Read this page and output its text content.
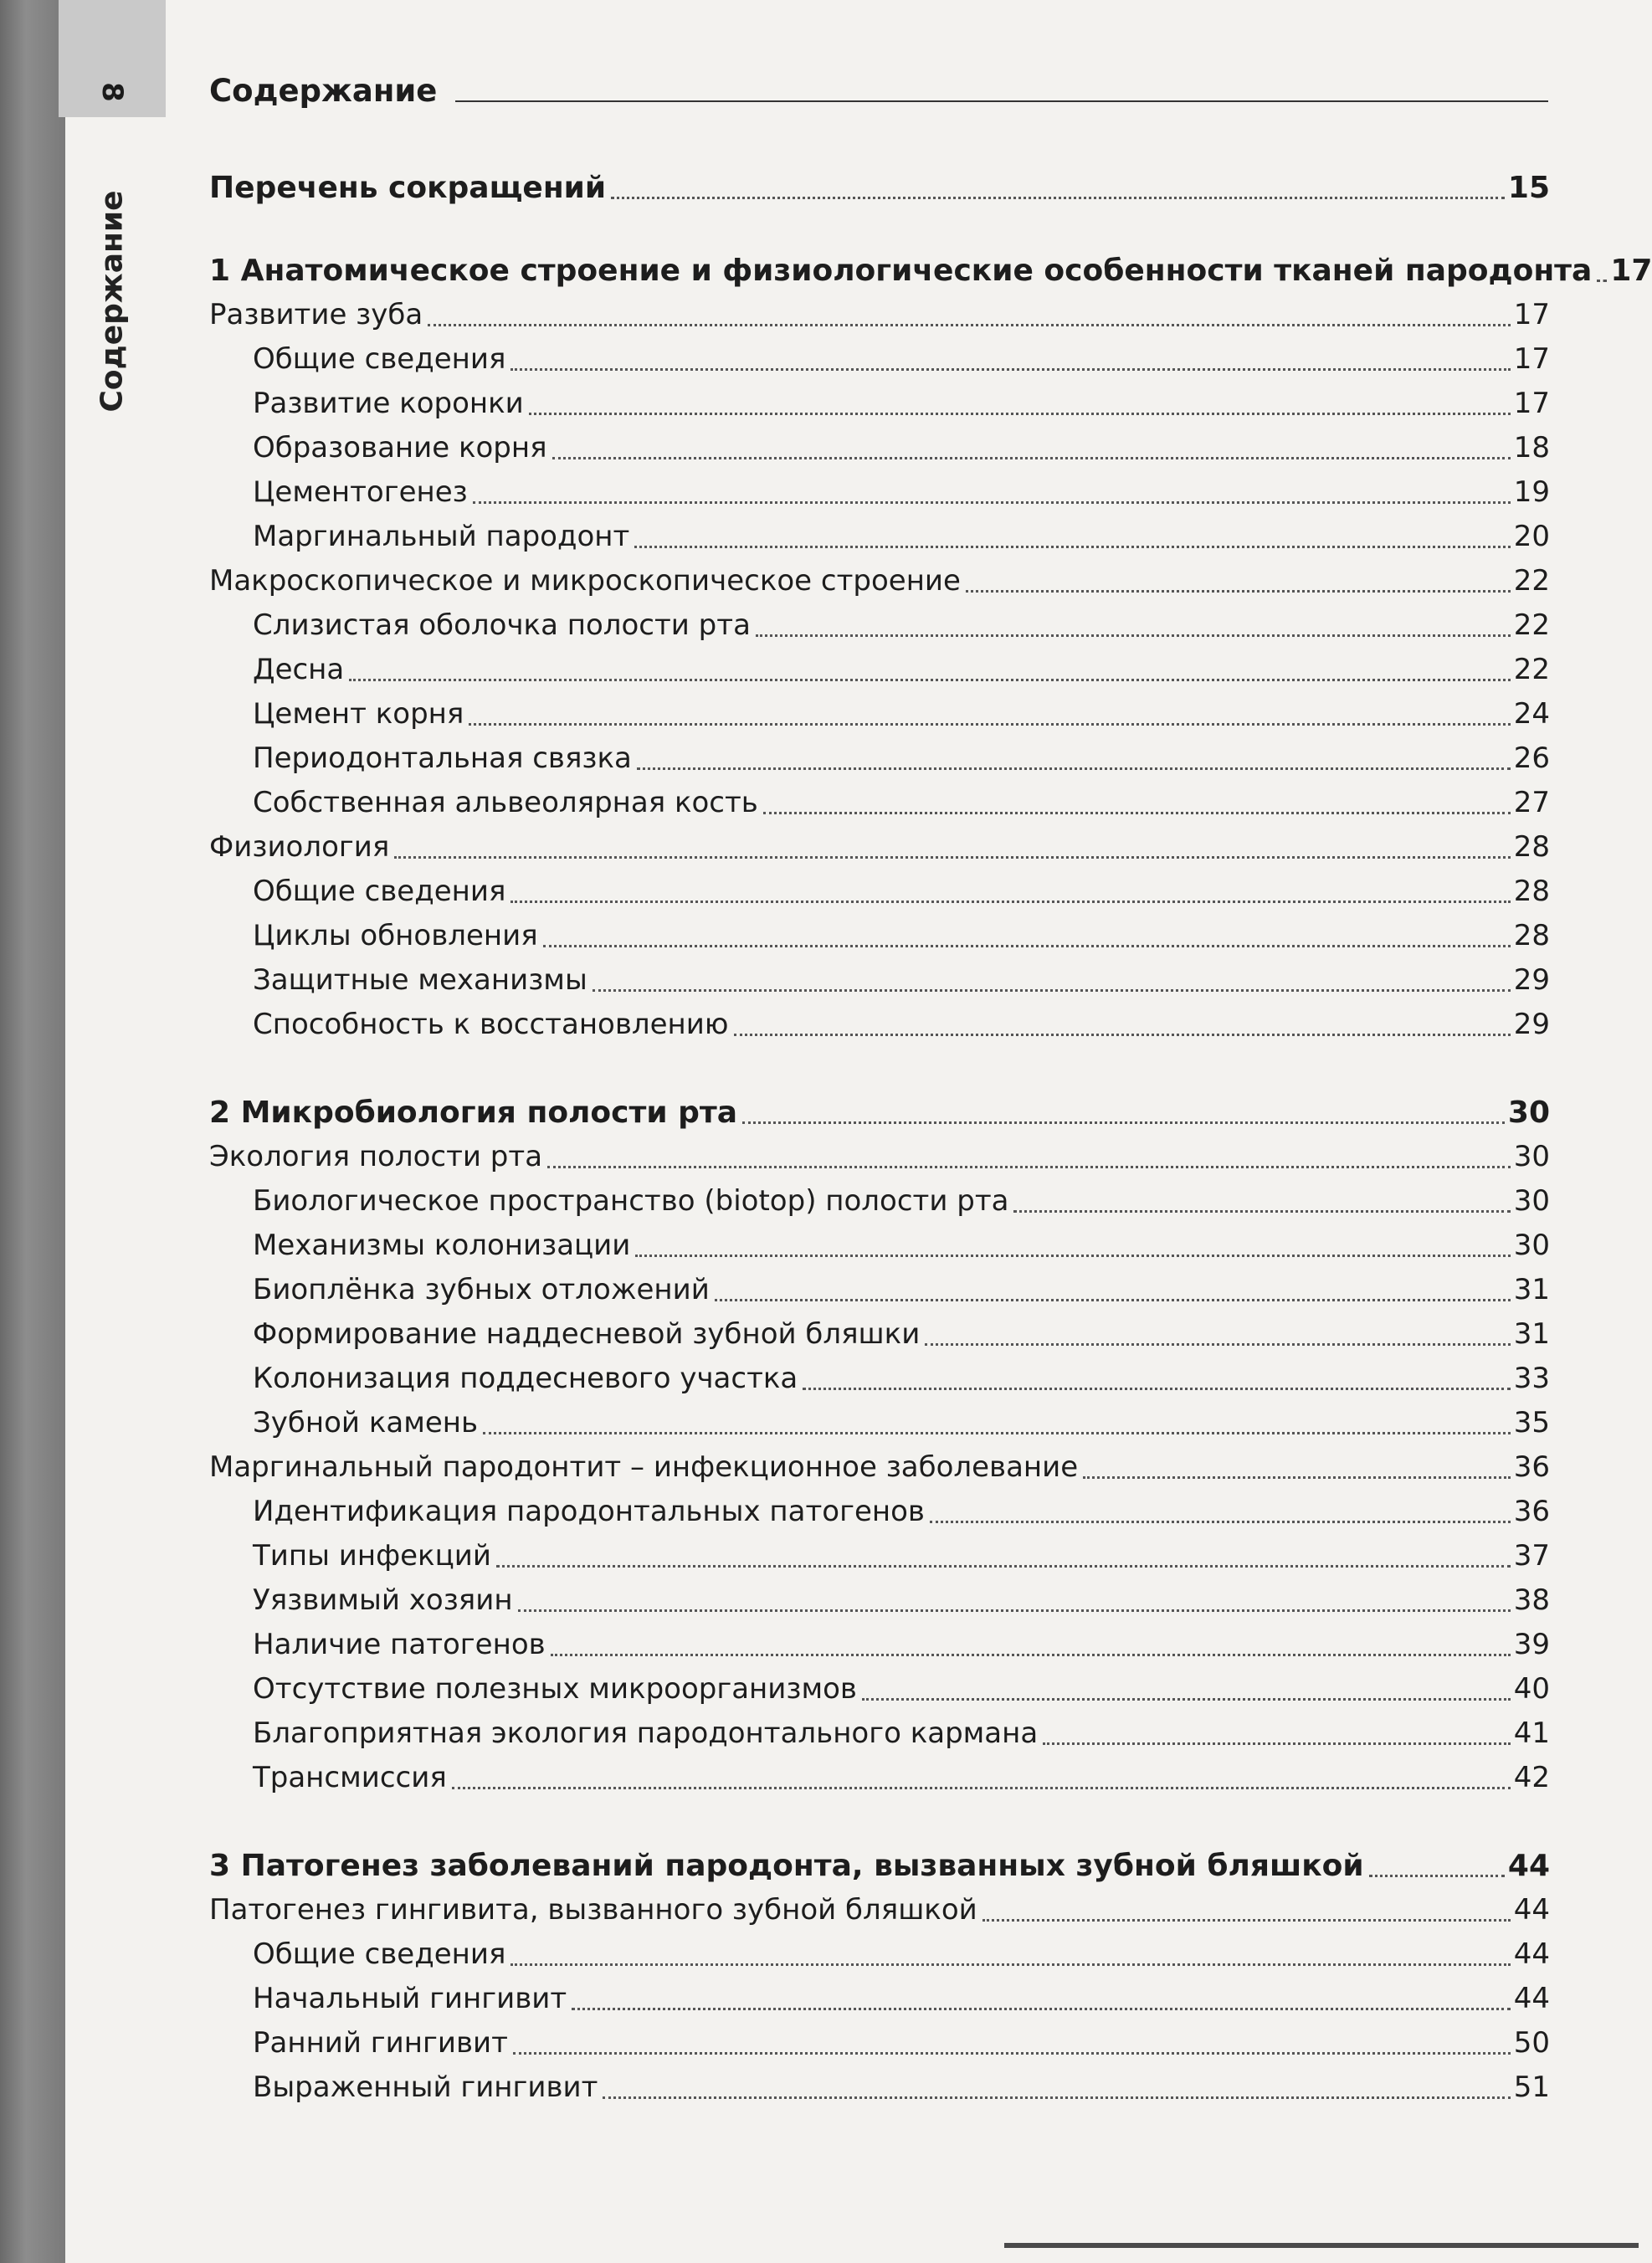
8
Содержание
Содержание
Перечень сокращений	15
1 Анатомическое строение и физиологические особенности тканей пародонта 17
Развитие зуба	17
Общие сведения	17
Развитие коронки	17
Образование корня	18
Цементогенез	19
Маргинальный пародонт	20
Макроскопическое и микроскопическое строение	22
Слизистая оболочка полости рта	22
Десна	22
Цемент корня	24
Периодонтальная связка	26
Собственная альвеолярная кость	27
Физиология	28
Общие сведения	28
Циклы обновления	28
Защитные механизмы	29
Способность к восстановлению	29
2 Микробиология полости рта	30
Экология полости рта	30
Биологическое пространство (biotop) полости рта	30
Механизмы колонизации	30
Биоплёнка зубных отложений	31
Формирование наддесневой зубной бляшки	31
Колонизация поддесневого участка	33
Зубной камень	35
Маргинальный пародонтит – инфекционное заболевание	36
Идентификация пародонтальных патогенов	36
Типы инфекций	37
Уязвимый хозяин	38
Наличие патогенов	39
Отсутствие полезных микроорганизмов	40
Благоприятная экология пародонтального кармана	41
Трансмиссия	42
3 Патогенез заболеваний пародонта, вызванных зубной бляшкой	44
Патогенез гингивита, вызванного зубной бляшкой	44
Общие сведения	44
Начальный гингивит	44
Ранний гингивит	50
Выраженный гингивит	51
